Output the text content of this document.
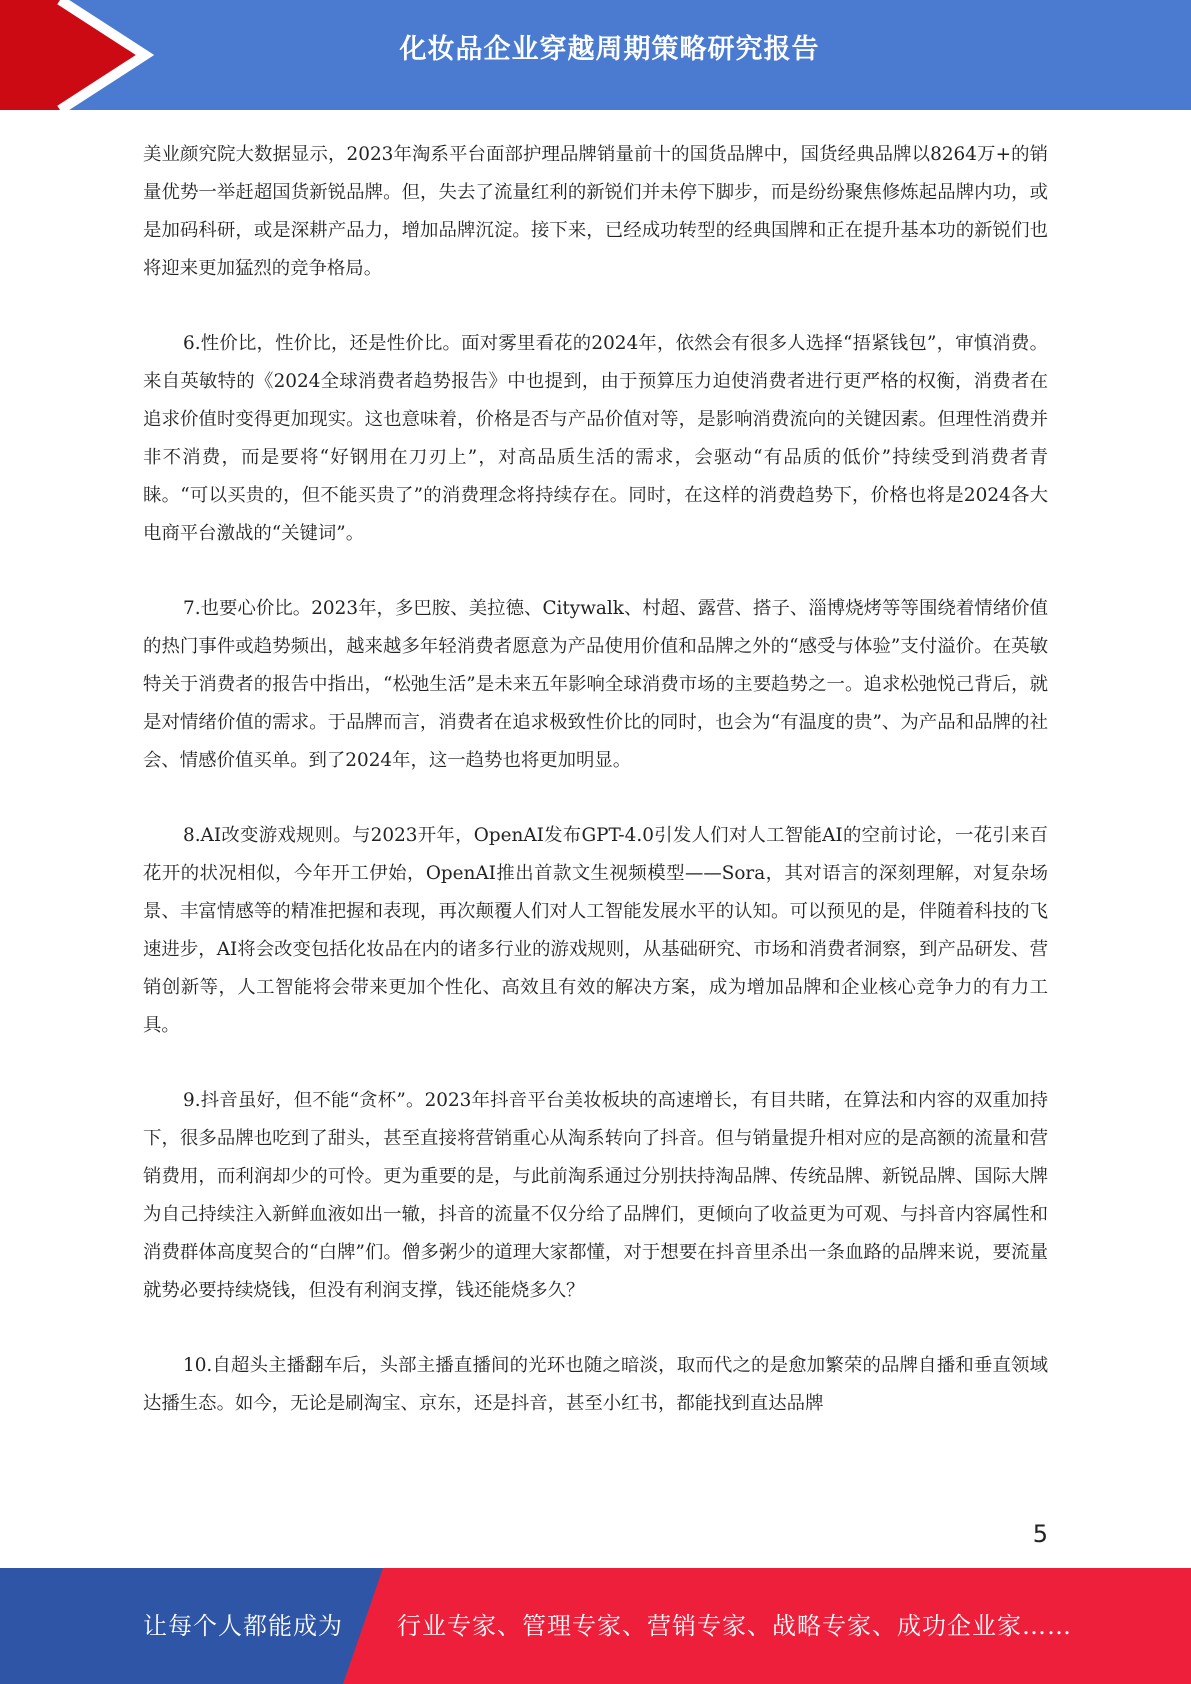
化妆品企业穿越周期策略研究报告

美业颜究院大数据显示，2023年淘系平台面部护理品牌销量前十的国货品牌中，国货经典品牌以8264万+的销量优势一举赶超国货新锐品牌。但，失去了流量红利的新锐们并未停下脚步，而是纷纷聚焦修炼起品牌内功，或是加码科研，或是深耕产品力，增加品牌沉淀。接下来，已经成功转型的经典国牌和正在提升基本功的新锐们也将迎来更加猛烈的竞争格局。

6.性价比，性价比，还是性价比。面对雾里看花的2024年，依然会有很多人选择“捂紧钱包”，审慎消费。来自英敏特的《2024全球消费者趋势报告》中也提到，由于预算压力迫使消费者进行更严格的权衡，消费者在追求价值时变得更加现实。这也意味着，价格是否与产品价值对等，是影响消费流向的关键因素。但理性消费并非不消费，而是要将“好钢用在刀刃上”，对高品质生活的需求，会驱动“有品质的低价”持续受到消费者青睐。“可以买贵的，但不能买贵了”的消费理念将持续存在。同时，在这样的消费趋势下，价格也将是2024各大电商平台激战的“关键词”。

7.也要心价比。2023年，多巴胺、美拉德、Citywalk、村超、露营、搭子、淄博烧烤等等围绕着情绪价值的热门事件或趋势频出，越来越多年轻消费者愿意为产品使用价值和品牌之外的“感受与体验”支付溢价。在英敏特关于消费者的报告中指出，“松弛生活”是未来五年影响全球消费市场的主要趋势之一。追求松弛悦己背后，就是对情绪价值的需求。于品牌而言，消费者在追求极致性价比的同时，也会为“有温度的贵”、为产品和品牌的社会、情感价值买单。到了2024年，这一趋势也将更加明显。

8.AI改变游戏规则。与2023开年，OpenAI发布GPT-4.0引发人们对人工智能AI的空前讨论，一花引来百花开的状况相似，今年开工伊始，OpenAI推出首款文生视频模型——Sora，其对语言的深刻理解，对复杂场景、丰富情感等的精准把握和表现，再次颠覆人们对人工智能发展水平的认知。可以预见的是，伴随着科技的飞速进步，AI将会改变包括化妆品在内的诸多行业的游戏规则，从基础研究、市场和消费者洞察，到产品研发、营销创新等，人工智能将会带来更加个性化、高效且有效的解决方案，成为增加品牌和企业核心竞争力的有力工具。

9.抖音虽好，但不能“贪杯”。2023年抖音平台美妆板块的高速增长，有目共睹，在算法和内容的双重加持下，很多品牌也吃到了甜头，甚至直接将营销重心从淘系转向了抖音。但与销量提升相对应的是高额的流量和营销费用，而利润却少的可怜。更为重要的是，与此前淘系通过分别扶持淘品牌、传统品牌、新锐品牌、国际大牌为自己持续注入新鲜血液如出一辙，抖音的流量不仅分给了品牌们，更倾向了收益更为可观、与抖音内容属性和消费群体高度契合的“白牌”们。僧多粥少的道理大家都懂，对于想要在抖音里杀出一条血路的品牌来说，要流量就势必要持续烧钱，但没有利润支撑，钱还能烧多久？

10.自超头主播翻车后，头部主播直播间的光环也随之暗淡，取而代之的是愈加繁荣的品牌自播和垂直领域达播生态。如今，无论是刷淘宝、京东，还是抖音，甚至小红书，都能找到直达品牌

5
让每个人都能成为 行业专家、管理专家、营销专家、战略专家、成功企业家……
